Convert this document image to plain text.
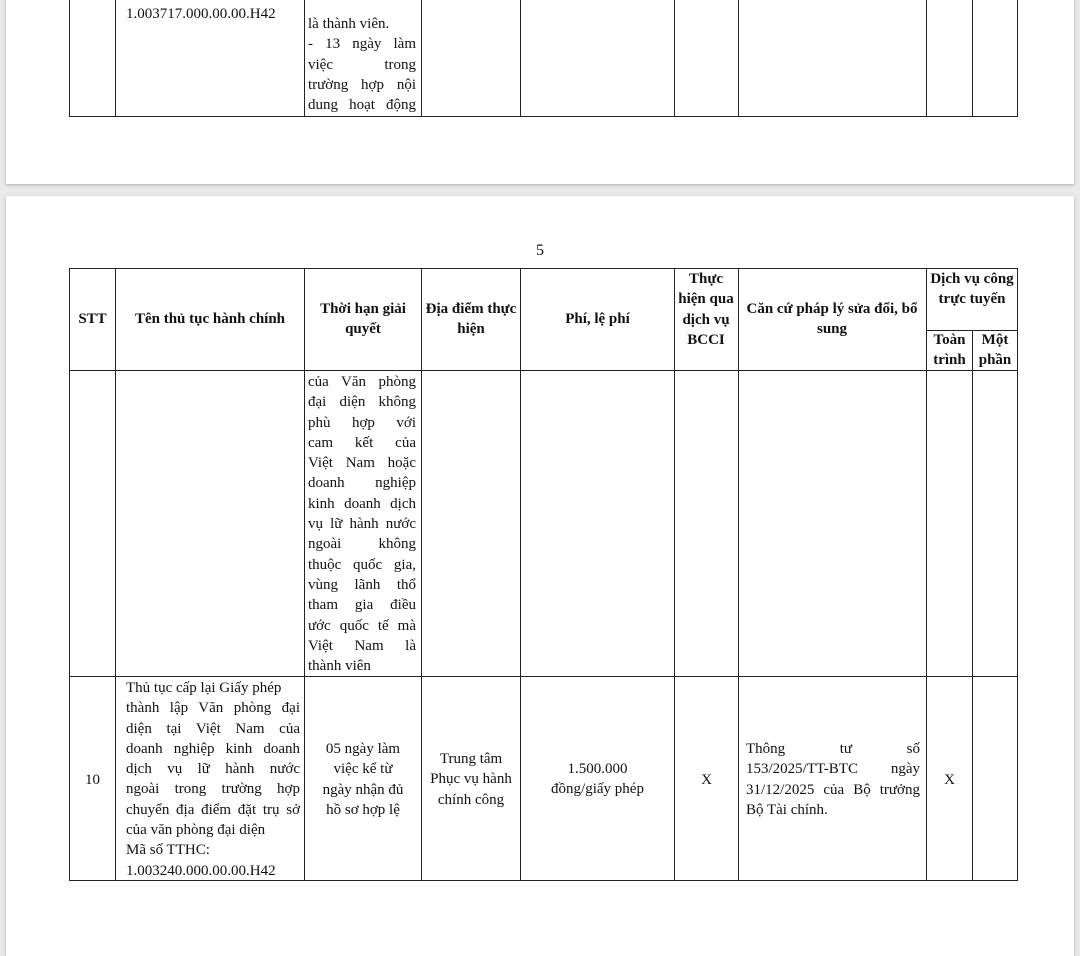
1.003717.000.00.00.H42
là thành viên.
- 13 ngày làm
việc trong
trường hợp nội
dung hoạt động
5
STT	Tên thủ tục hành chính
Thời hạn giải quyết
Địa điểm thực hiện
Phí, lệ phí
Thực hiện qua dịch vụ BCCI
Căn cứ pháp lý sửa đổi, bổ sung
Dịch vụ công trực tuyến
Toàn trình
Một phần
của Văn phòng
đại diện không
phù hợp với
cam kết của
Việt Nam hoặc
doanh nghiệp
kinh doanh dịch
vụ lữ hành nước
ngoài không
thuộc quốc gia,
vùng lãnh thổ
tham gia điều
ước quốc tế mà
Việt Nam là
thành viên
10
Thủ tục cấp lại Giấy phép
thành lập Văn phòng đại
diện tại Việt Nam của
doanh nghiệp kinh doanh
dịch vụ lữ hành nước
ngoài trong trường hợp
chuyển địa điểm đặt trụ sở
của văn phòng đại diện
Mã số TTHC:
1.003240.000.00.00.H42
05 ngày làm
việc kể từ
ngày nhận đủ
hồ sơ hợp lệ
Trung tâm
Phục vụ hành
chính công
1.500.000
đồng/giấy phép
X
Thông tư số
153/2025/TT-BTC ngày
31/12/2025 của Bộ trưởng
Bộ Tài chính.
X
